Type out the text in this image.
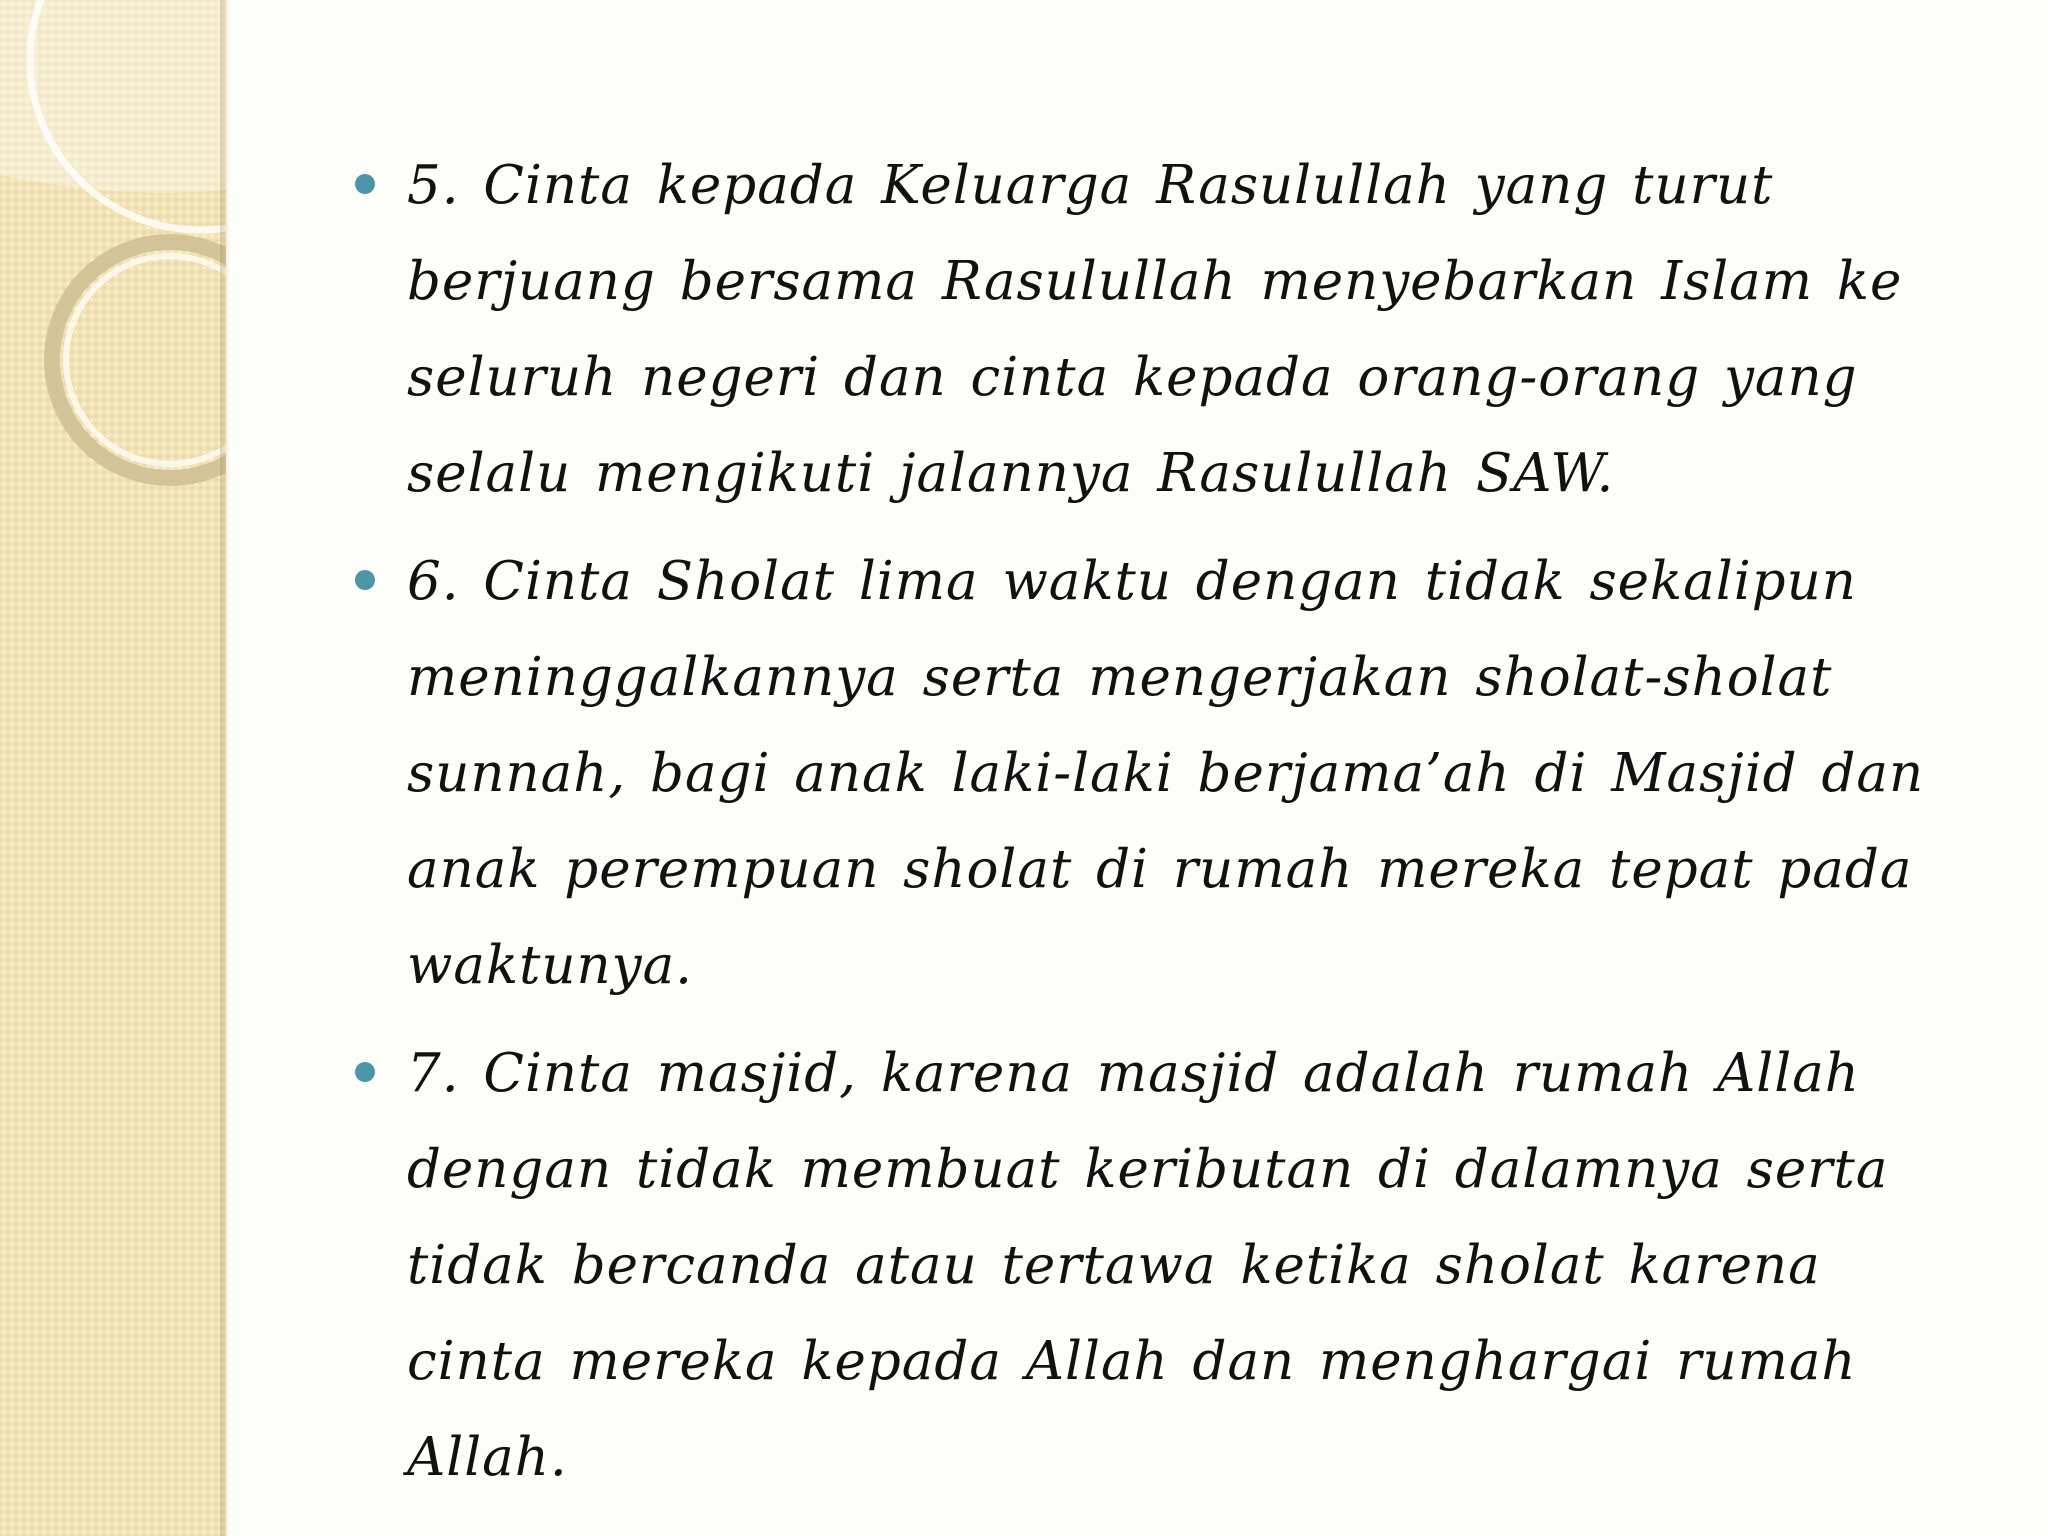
5. Cinta kepada Keluarga Rasulullah yang turut berjuang bersama Rasulullah menyebarkan Islam ke seluruh negeri dan cinta kepada orang-orang yang selalu mengikuti jalannya Rasulullah SAW.
6. Cinta Sholat lima waktu dengan tidak sekalipun meninggalkannya serta mengerjakan sholat-sholat sunnah, bagi anak laki-laki berjama’ah di Masjid dan anak perempuan sholat di rumah mereka tepat pada waktunya.
7. Cinta masjid, karena masjid adalah rumah Allah dengan tidak membuat keributan di dalamnya serta tidak bercanda atau tertawa ketika sholat karena cinta mereka kepada Allah dan menghargai rumah Allah.
